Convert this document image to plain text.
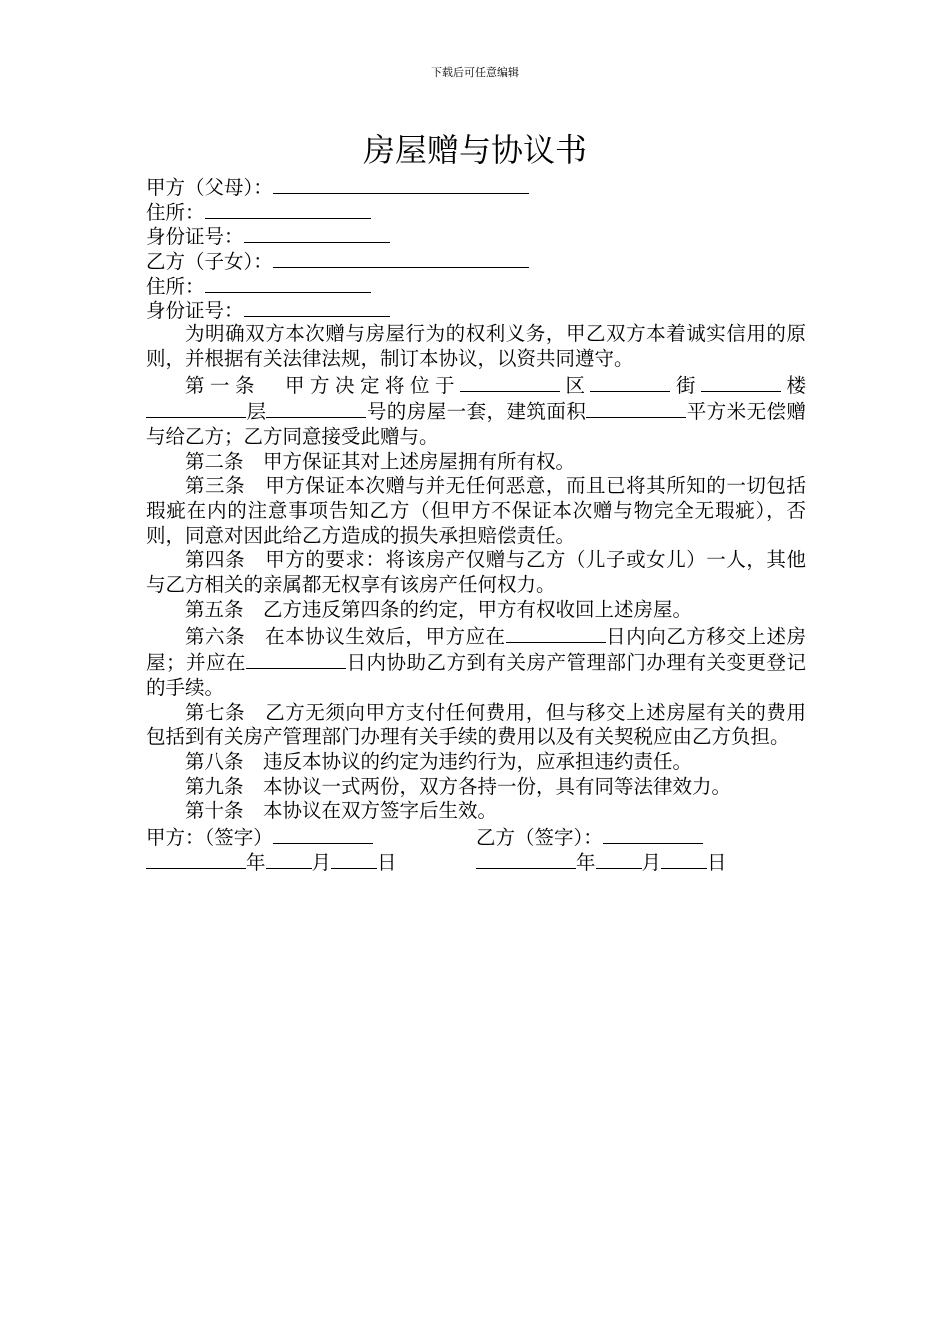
下载后可任意编辑
房屋赠与协议书
甲方（父母）：
住所：
身份证号：
乙方（子女）：
住所：
身份证号：
为明确双方本次赠与房屋行为的权利义务，甲乙双方本着诚实信用的原则，并根据有关法律法规，制订本协议，以资共同遵守。
第一条　甲方决定将位于	区	街	楼层	号的房屋一套，建筑面积	平方米无偿赠与给乙方；乙方同意接受此赠与。
第二条　甲方保证其对上述房屋拥有所有权。
第三条　甲方保证本次赠与并无任何恶意，而且已将其所知的一切包括瑕疵在内的注意事项告知乙方（但甲方不保证本次赠与物完全无瑕疵），否则，同意对因此给乙方造成的损失承担赔偿责任。
第四条　甲方的要求：将该房产仅赠与乙方（儿子或女儿）一人，其他与乙方相关的亲属都无权享有该房产任何权力。
第五条　乙方违反第四条的约定，甲方有权收回上述房屋。
第六条　在本协议生效后，甲方应在	日内向乙方移交上述房屋；并应在	日内协助乙方到有关房产管理部门办理有关变更登记的手续。
第七条　乙方无须向甲方支付任何费用，但与移交上述房屋有关的费用包括到有关房产管理部门办理有关手续的费用以及有关契税应由乙方负担。
第八条　违反本协议的约定为违约行为，应承担违约责任。
第九条　本协议一式两份，双方各持一份，具有同等法律效力。
第十条　本协议在双方签字后生效。
甲方：（签字）	乙方（签字）：
年 月 日	年 月 日
